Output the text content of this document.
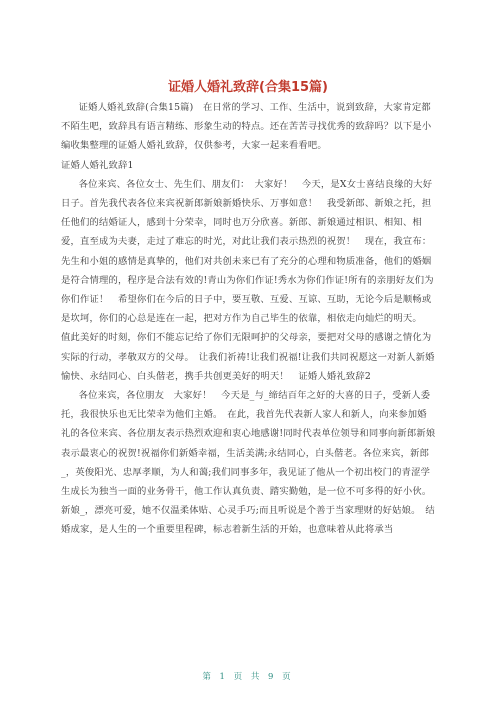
证婚人婚礼致辞(合集15篇)

证婚人婚礼致辞(合集15篇)　在日常的学习、工作、生活中，说到致辞，大家肯定都不陌生吧，致辞具有语言精练、形象生动的特点。还在苦苦寻找优秀的致辞吗？以下是小编收集整理的证婚人婚礼致辞，仅供参考，大家一起来看看吧。

证婚人婚礼致辞1

各位来宾、各位女士、先生们、朋友们：　大家好！　今天，是X女士喜结良缘的大好日子。首先我代表各位来宾祝新郎新娘新婚快乐、万事如意！　我受新郎、新娘之托，担任他们的结婚证人，感到十分荣幸，同时也万分欣喜。新郎、新娘通过相识、相知、相爱，直至成为夫妻，走过了难忘的时光，对此让我们表示热烈的祝贺！　现在，我宣布：先生和小姐的感情是真挚的，他们对共创未来已有了充分的心理和物质准备，他们的婚姻是符合情理的，程序是合法有效的!青山为你们作证!秀水为你们作证!所有的亲朋好友们为你们作证！　希望你们在今后的日子中，要互敬、互爱、互谅、互助，无论今后是顺畅或是坎坷，你们的心总是连在一起，把对方作为自己毕生的依靠，相依走向灿烂的明天。　值此美好的时刻，你们不能忘记给了你们无限呵护的父母亲，要把对父母的感谢之情化为实际的行动，孝敬双方的父母。　让我们祈祷!让我们祝福!让我们共同祝愿这一对新人新婚愉快、永结同心、白头偕老，携手共创更美好的明天！　证婚人婚礼致辞2

各位来宾，各位朋友　大家好！　今天是_与_缔结百年之好的大喜的日子，受新人委托，我很快乐也无比荣幸为他们主婚。　在此，我首先代表新人家人和新人，向来参加婚礼的各位来宾、各位朋友表示热烈欢迎和衷心地感谢!同时代表单位领导和同事向新郎新娘表示最衷心的祝贺!祝福你们新婚幸福，生活美满;永结同心，白头偕老。各位来宾，新郎_，英俊阳光、忠厚孝顺，为人和蔼;我们同事多年，我见证了他从一个初出校门的青涩学生成长为独当一面的业务骨干，他工作认真负责、踏实勤勉，是一位不可多得的好小伙。新娘_，漂亮可爱，她不仅温柔体贴、心灵手巧;而且听说是个善于当家理财的好姑娘。　结婚成家，是人生的一个重要里程碑，标志着新生活的开始，也意味着从此将承当

第 1 页 共 9 页
